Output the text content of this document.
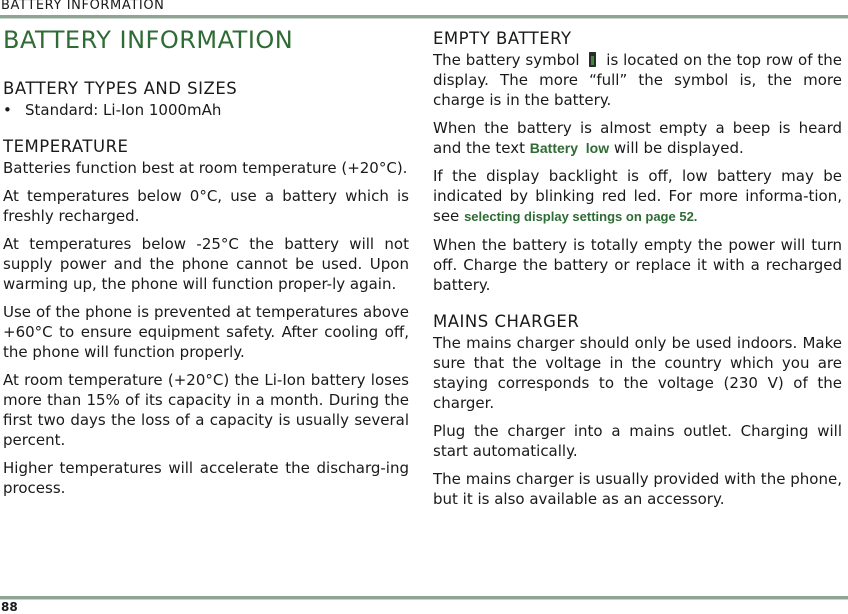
BATTERY INFORMATION
BATTERY INFORMATION
BATTERY TYPES AND SIZES
• Standard: Li-Ion 1000mAh
TEMPERATURE

Batteries function best at room temperature (+20°C).

At temperatures below 0°C, use a battery which is freshly recharged.

At temperatures below -25°C the battery will not supply power and the phone cannot be used. Upon warming up, the phone will function proper-ly again.

Use of the phone is prevented at temperatures above +60°C to ensure equipment safety. After cooling off, the phone will function properly.

At room temperature (+20°C) the Li-Ion battery loses more than 15% of its capacity in a month. During the first two days the loss of a capacity is usually several percent.

Higher temperatures will accelerate the discharg-ing process.

EMPTY BATTERY

The battery symbol is located on the top row of the display. The more “full” the symbol is, the more charge is in the battery.

When the battery is almost empty a beep is heard and the text Battery  low will be displayed.

If the display backlight is off, low battery may be indicated by blinking red led. For more informa-tion, see selecting display settings on page 52.

When the battery is totally empty the power will turn off. Charge the battery or replace it with a recharged battery.

MAINS CHARGER

The mains charger should only be used indoors. Make sure that the voltage in the country which you are staying corresponds to the voltage (230 V) of the charger.

Plug the charger into a mains outlet. Charging will start automatically.

The mains charger is usually provided with the phone, but it is also available as an accessory.

88
